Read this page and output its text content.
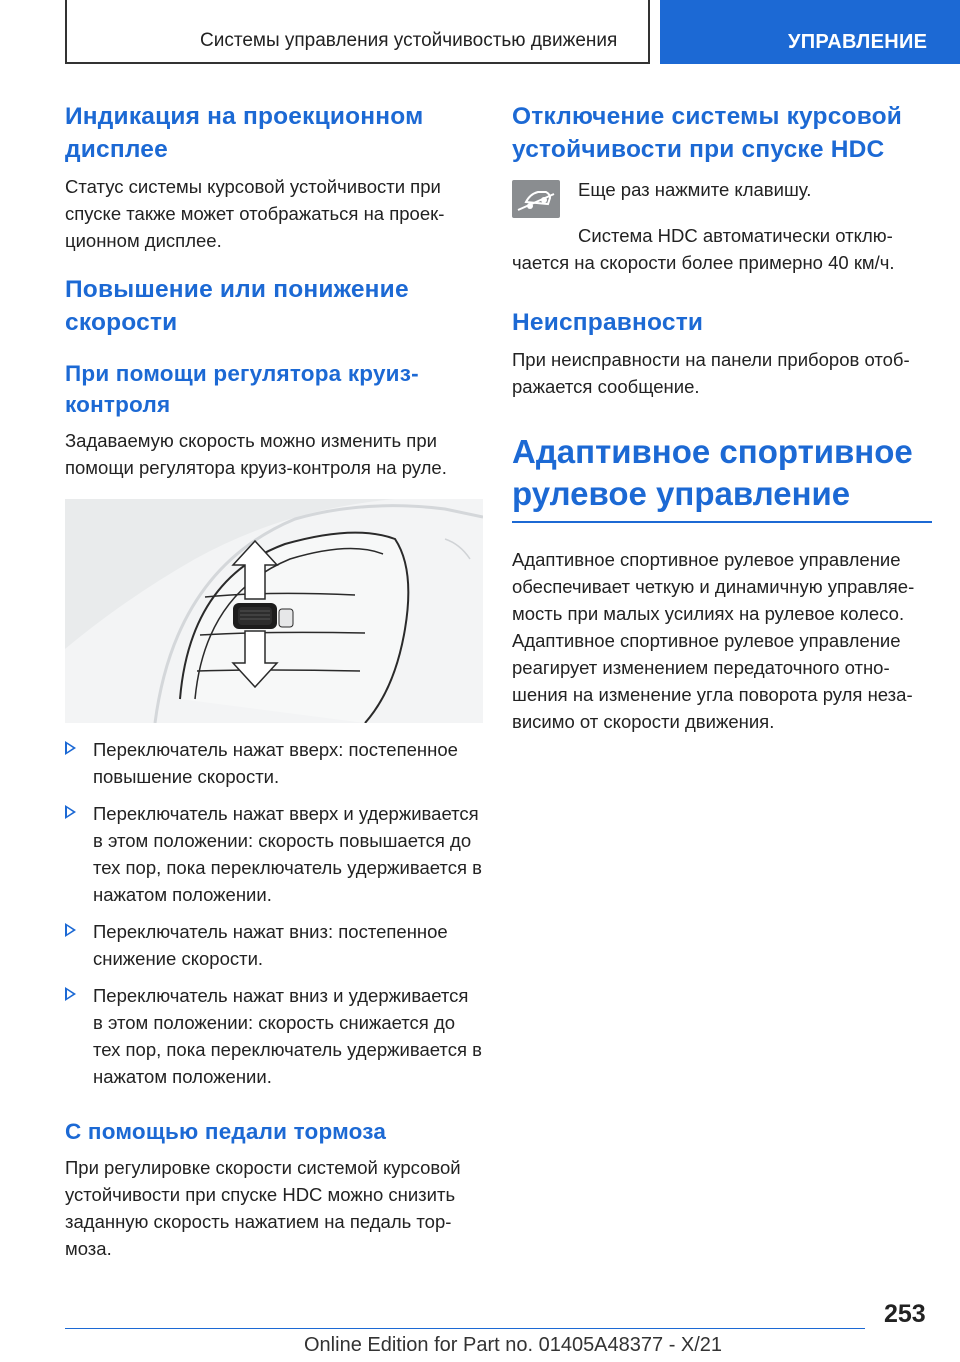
Системы управления устойчивостью движения	УПРАВЛЕНИЕ
Индикация на проекционном дисплее

Статус системы курсовой устойчивости при спуске также может отображаться на проекционном дисплее.

Повышение или понижение скорости
При помощи регулятора круиз-контроля

Задаваемую скорость можно изменить при помощи регулятора круиз-контроля на руле.

Переключатель нажат вверх: постепенное повышение скорости.
Переключатель нажат вверх и удерживается в этом положении: скорость повышается до тех пор, пока переключатель удерживается в нажатом положении.
Переключатель нажат вниз: постепенное снижение скорости.
Переключатель нажат вниз и удерживается в этом положении: скорость снижается до тех пор, пока переключатель удерживается в нажатом положении.
С помощью педали тормоза

При регулировке скорости системой курсовой устойчивости при спуске HDC можно снизить заданную скорость нажатием на педаль тормоза.

Отключение системы курсовой устойчивости при спуске HDC

Еще раз нажмите клавишу.

Система HDC автоматически отключается на скорости более примерно 40 км/ч.

Неисправности

При неисправности на панели приборов отображается сообщение.

Адаптивное спортивное рулевое управление

Адаптивное спортивное рулевое управление обеспечивает четкую и динамичную управляемость при малых усилиях на рулевое колесо. Адаптивное спортивное рулевое управление реагирует изменением передаточного отношения на изменение угла поворота руля независимо от скорости движения.

253
Online Edition for Part no. 01405A48377 - X/21
